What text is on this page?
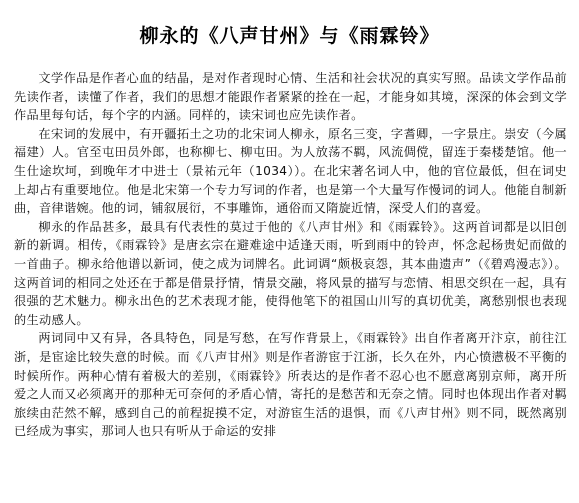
柳永的《八声甘州》与《雨霖铃》

文学作品是作者心血的结晶，是对作者现时心情、生活和社会状况的真实写照。品读文学作品前先读作者，读懂了作者，我们的思想才能跟作者紧紧的拴在一起，才能身如其境，深深的体会到文学作品里每句话，每个字的内涵。同样的，读宋词也应先读作者。

在宋词的发展中，有开疆拓土之功的北宋词人柳永，原名三变，字耆卿，一字景庄。崇安（今属福建）人。官至屯田员外郎，也称柳七、柳屯田。为人放荡不羁，风流倜傥，留连于秦楼楚馆。他一生仕途坎坷，到晚年才中进士（景祐元年（1034））。在北宋著名词人中，他的官位最低，但在词史上却占有重要地位。他是北宋第一个专力写词的作者，也是第一个大量写作慢词的词人。他能自制新曲，音律谐婉。他的词，铺叙展衍，不事雕饰，通俗而又隋旋近情，深受人们的喜爱。

柳永的作品甚多，最具有代表性的莫过于他的《八声甘州》和《雨霖铃》。这两首词都是以旧创新的新调。相传，《雨霖铃》是唐玄宗在避难途中适逢天雨，听到雨中的铃声，怀念起杨贵妃而做的一首曲子。柳永给他谱以新词，使之成为词牌名。此词调“颇极哀怨，其本曲遗声”（《碧鸡漫志》）。这两首词的相同之处还在于都是借景抒情，情景交融，将风景的描写与恋情、相思交织在一起，具有很强的艺术魅力。柳永出色的艺术表现才能，使得他笔下的祖国山川写的真切优美，离愁别恨也表现的生动感人。

两词同中又有异，各具特色，同是写愁，在写作背景上，《雨霖铃》出自作者离开汴京，前往江浙，是宦途比较失意的时候。而《八声甘州》则是作者游宦于江浙，长久在外，内心愤懑极不平衡的时候所作。两种心情有着极大的差别，《雨霖铃》所表达的是作者不忍心也不愿意离别京师，离开所爱之人而又必须离开的那种无可奈何的矛盾心情，寄托的是愁苦和无奈之情。同时也体现出作者对羁旅续由茫然不解，感到自己的前程捉摸不定，对游宦生活的退惧，而《八声甘州》则不同，既然离别已经成为事实，那词人也只有听从于命运的安排
